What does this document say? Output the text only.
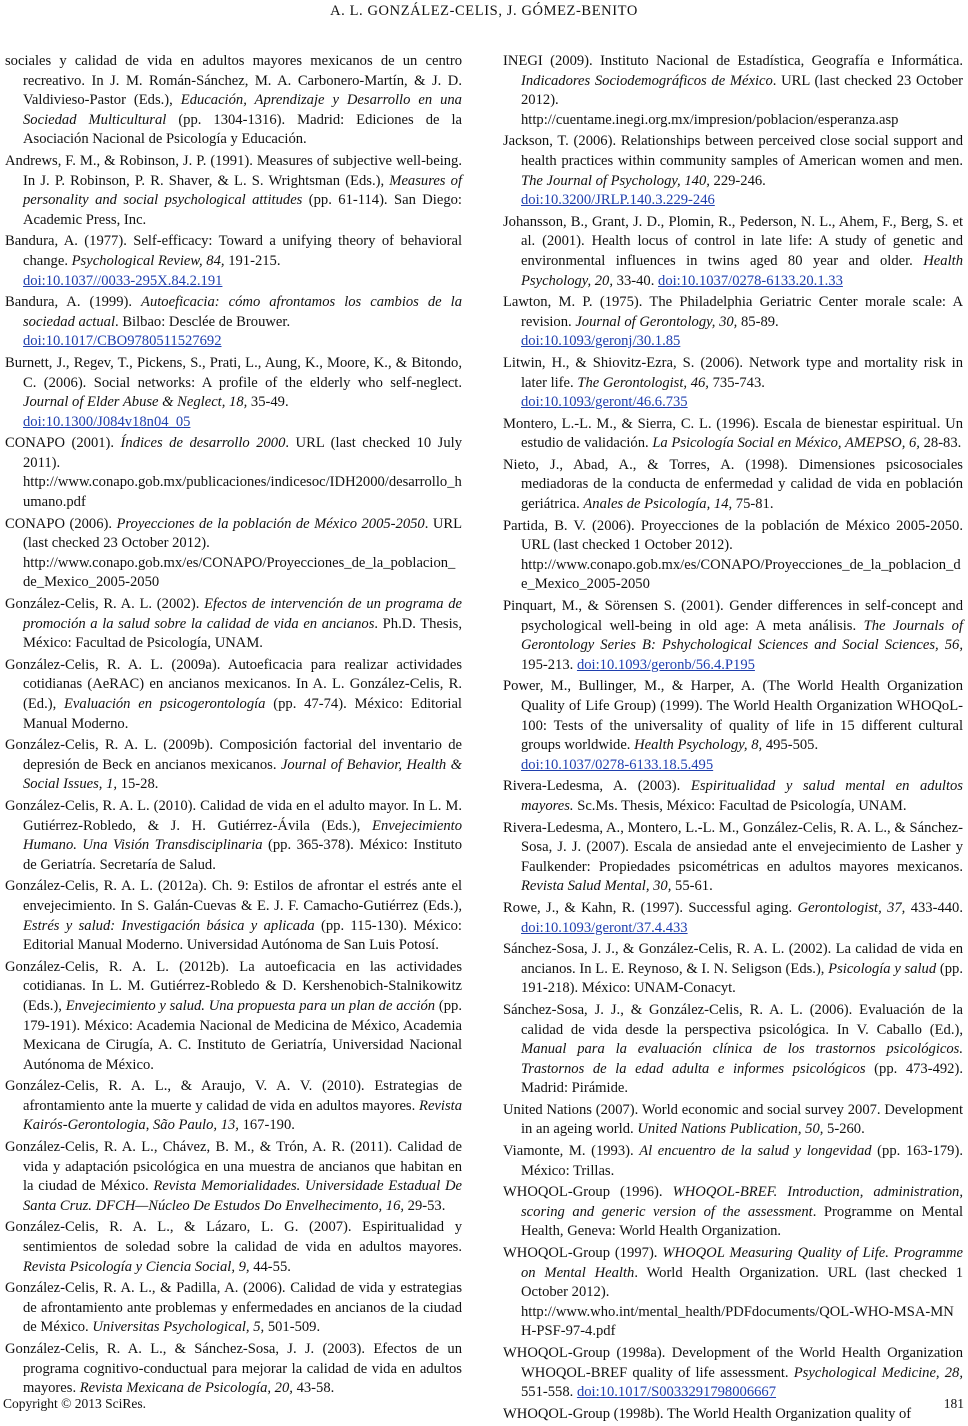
A. L. GONZÁLEZ-CELIS, J. GÓMEZ-BENITO

sociales y calidad de vida en adultos mayores mexicanos de un centro recreativo. In J. M. Román-Sánchez, M. A. Carbonero-Martín, & J. D. Valdivieso-Pastor (Eds.), Educación, Aprendizaje y Desarrollo en una Sociedad Multicultural (pp. 1304-1316). Madrid: Ediciones de la Asociación Nacional de Psicología y Educación.

Andrews, F. M., & Robinson, J. P. (1991). Measures of subjective well-being. In J. P. Robinson, P. R. Shaver, & L. S. Wrightsman (Eds.), Measures of personality and social psychological attitudes (pp. 61-114). San Diego: Academic Press, Inc.

Bandura, A. (1977). Self-efficacy: Toward a unifying theory of behavioral change. Psychological Review, 84, 191-215.
doi:10.1037//0033-295X.84.2.191

Bandura, A. (1999). Autoeficacia: cómo afrontamos los cambios de la sociedad actual. Bilbao: Desclée de Brouwer.
doi:10.1017/CBO9780511527692

Burnett, J., Regev, T., Pickens, S., Prati, L., Aung, K., Moore, K., & Bitondo, C. (2006). Social networks: A profile of the elderly who self-neglect. Journal of Elder Abuse & Neglect, 18, 35-49.
doi:10.1300/J084v18n04_05

CONAPO (2001). Índices de desarrollo 2000. URL (last checked 10 July 2011).
http://www.conapo.gob.mx/publicaciones/indicesoc/IDH2000/desarrollo_humano.pdf

CONAPO (2006). Proyecciones de la población de México 2005-2050. URL (last checked 23 October 2012).
http://www.conapo.gob.mx/es/CONAPO/Proyecciones_de_la_poblacion_de_Mexico_2005-2050

González-Celis, R. A. L. (2002). Efectos de intervención de un programa de promoción a la salud sobre la calidad de vida en ancianos. Ph.D. Thesis, México: Facultad de Psicología, UNAM.

González-Celis, R. A. L. (2009a). Autoeficacia para realizar actividades cotidianas (AeRAC) en ancianos mexicanos. In A. L. González-Celis, R. (Ed.), Evaluación en psicogerontología (pp. 47-74). México: Editorial Manual Moderno.

González-Celis, R. A. L. (2009b). Composición factorial del inventario de depresión de Beck en ancianos mexicanos. Journal of Behavior, Health & Social Issues, 1, 15-28.

González-Celis, R. A. L. (2010). Calidad de vida en el adulto mayor. In L. M. Gutiérrez-Robledo, & J. H. Gutiérrez-Ávila (Eds.), Envejecimiento Humano. Una Visión Transdisciplinaria (pp. 365-378). México: Instituto de Geriatría. Secretaría de Salud.

González-Celis, R. A. L. (2012a). Ch. 9: Estilos de afrontar el estrés ante el envejecimiento. In S. Galán-Cuevas & E. J. F. Camacho-Gutiérrez (Eds.), Estrés y salud: Investigación básica y aplicada (pp. 115-130). México: Editorial Manual Moderno. Universidad Autónoma de San Luis Potosí.

González-Celis, R. A. L. (2012b). La autoeficacia en las actividades cotidianas. In L. M. Gutiérrez-Robledo & D. Kershenobich-Stalnikowitz (Eds.), Envejecimiento y salud. Una propuesta para un plan de acción (pp. 179-191). México: Academia Nacional de Medicina de México, Academia Mexicana de Cirugía, A. C. Instituto de Geriatría, Universidad Nacional Autónoma de México.

González-Celis, R. A. L., & Araujo, V. A. V. (2010). Estrategias de afrontamiento ante la muerte y calidad de vida en adultos mayores. Revista Kairós-Gerontologia, São Paulo, 13, 167-190.

González-Celis, R. A. L., Chávez, B. M., & Trón, A. R. (2011). Calidad de vida y adaptación psicológica en una muestra de ancianos que habitan en la ciudad de México. Revista Memorialidades. Universidade Estadual De Santa Cruz. DFCH—Núcleo De Estudos Do Envelhecimento, 16, 29-53.

González-Celis, R. A. L., & Lázaro, L. G. (2007). Espiritualidad y sentimientos de soledad sobre la calidad de vida en adultos mayores. Revista Psicología y Ciencia Social, 9, 44-55.

González-Celis, R. A. L., & Padilla, A. (2006). Calidad de vida y estrategias de afrontamiento ante problemas y enfermedades en ancianos de la ciudad de México. Universitas Psychological, 5, 501-509.

González-Celis, R. A. L., & Sánchez-Sosa, J. J. (2003). Efectos de un programa cognitivo-conductual para mejorar la calidad de vida en adultos mayores. Revista Mexicana de Psicología, 20, 43-58.

INEGI (2009). Instituto Nacional de Estadística, Geografía e Informática. Indicadores Sociodemográficos de México. URL (last checked 23 October 2012).
http://cuentame.inegi.org.mx/impresion/poblacion/esperanza.asp

Jackson, T. (2006). Relationships between perceived close social support and health practices within community samples of American women and men. The Journal of Psychology, 140, 229-246.
doi:10.3200/JRLP.140.3.229-246

Johansson, B., Grant, J. D., Plomin, R., Pederson, N. L., Ahem, F., Berg, S. et al. (2001). Health locus of control in late life: A study of genetic and environmental influences in twins aged 80 year and older. Health Psychology, 20, 33-40. doi:10.1037/0278-6133.20.1.33

Lawton, M. P. (1975). The Philadelphia Geriatric Center morale scale: A revision. Journal of Gerontology, 30, 85-89.
doi:10.1093/geronj/30.1.85

Litwin, H., & Shiovitz-Ezra, S. (2006). Network type and mortality risk in later life. The Gerontologist, 46, 735-743.
doi:10.1093/geront/46.6.735

Montero, L.-L. M., & Sierra, C. L. (1996). Escala de bienestar espiritual. Un estudio de validación. La Psicología Social en México, AMEPSO, 6, 28-83.

Nieto, J., Abad, A., & Torres, A. (1998). Dimensiones psicosociales mediadoras de la conducta de enfermedad y calidad de vida en población geriátrica. Anales de Psicología, 14, 75-81.

Partida, B. V. (2006). Proyecciones de la población de México 2005-2050. URL (last checked 1 October 2012).
http://www.conapo.gob.mx/es/CONAPO/Proyecciones_de_la_poblacion_de_Mexico_2005-2050

Pinquart, M., & Sörensen S. (2001). Gender differences in self-concept and psychological well-being in old age: A meta análisis. The Journals of Gerontology Series B: Pshychological Sciences and Social Sciences, 56, 195-213. doi:10.1093/geronb/56.4.P195

Power, M., Bullinger, M., & Harper, A. (The World Health Organization Quality of Life Group) (1999). The World Health Organization WHOQoL-100: Tests of the universality of quality of life in 15 different cultural groups worldwide. Health Psychology, 8, 495-505.
doi:10.1037/0278-6133.18.5.495

Rivera-Ledesma, A. (2003). Espiritualidad y salud mental en adultos mayores. Sc.Ms. Thesis, México: Facultad de Psicología, UNAM.

Rivera-Ledesma, A., Montero, L.-L. M., González-Celis, R. A. L., & Sánchez-Sosa, J. J. (2007). Escala de ansiedad ante el envejecimiento de Lasher y Faulkender: Propiedades psicométricas en adultos mayores mexicanos. Revista Salud Mental, 30, 55-61.

Rowe, J., & Kahn, R. (1997). Successful aging. Gerontologist, 37, 433-440. doi:10.1093/geront/37.4.433

Sánchez-Sosa, J. J., & González-Celis, R. A. L. (2002). La calidad de vida en ancianos. In L. E. Reynoso, & I. N. Seligson (Eds.), Psicología y salud (pp. 191-218). México: UNAM-Conacyt.

Sánchez-Sosa, J. J., & González-Celis, R. A. L. (2006). Evaluación de la calidad de vida desde la perspectiva psicológica. In V. Caballo (Ed.), Manual para la evaluación clínica de los trastornos psicológicos. Trastornos de la edad adulta e informes psicológicos (pp. 473-492). Madrid: Pirámide.

United Nations (2007). World economic and social survey 2007. Development in an ageing world. United Nations Publication, 50, 5-260.

Viamonte, M. (1993). Al encuentro de la salud y longevidad (pp. 163-179). México: Trillas.

WHOQOL-Group (1996). WHOQOL-BREF. Introduction, administration, scoring and generic version of the assessment. Programme on Mental Health, Geneva: World Health Organization.

WHOQOL-Group (1997). WHOQOL Measuring Quality of Life. Programme on Mental Health. World Health Organization. URL (last checked 1 October 2012).
http://www.who.int/mental_health/PDFdocuments/QOL-WHO-MSA-MNH-PSF-97-4.pdf

WHOQOL-Group (1998a). Development of the World Health Organization WHOQOL-BREF quality of life assessment. Psychological Medicine, 28, 551-558. doi:10.1017/S0033291798006667

WHOQOL-Group (1998b). The World Health Organization quality of

Copyright © 2013 SciRes.	181
